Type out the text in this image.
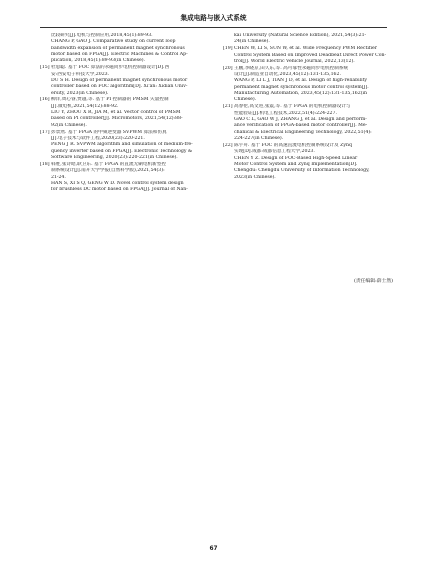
集成电路与嵌入式系统
比较研究[J].电机与控制应用,2018,45(1):89-93.
CHANG P, GAO J. Comparative study on current loop
bandwidth expansion of permanent magnet synchronous
motor based on FPGA[J]. Electric Machines & Control Ap-
plication, 2018,45(1):89-93(in Chinese).
[15]杜思聪. 基于 FOC 算法的永磁同步电机控制器设计[D].西
安:西安电子科技大学,2023.
DU S H. Design of permanent magnet synchronous motor
controller based on FOC algorithm[D]. Xi'an: Xidian Univ-
ersity, 2023(in Chinese).
[16]柳洋,周心睿,贾越,等. 基于 PI 控制器的 PMSM 矢量控制
[J].微电机,2021,54(12):88-92.
LIU Y, ZHOU X R, JIA M, et al. Vector control of PMSM
based on PI controller[J]. Micromotors, 2021,54(12):88-
92(in Chinese).
[17]彭景然. 基于 FPGA 的中频逆变器 SVPWM 算法和仿真
[J].电子技术与软件工程,2020(23):220-221.
PENG J R. SVPWM algorithm and simulation of medium-fre-
quency inverter based on FPGA[J]. Electronic Technology &
Software Engineering, 2020(23):220-221(in Chinese).
[18]韩胜,张诗昭,耿卫东. 基于 FPGA 的直流无刷电机新型控
制系统设计[J].南开大学学报(自然科学版),2021,54(3):
21-24.
HAN S, XI S Q, GENG W D. Novel control system design
for brushless DC motor based on FPGA[J]. Journal of Nan-
kai University (Natural Science Edition), 2021,54(3):21-
24(in Chinese).
[19]CHEN W, LI S, SUN W, et al. Wide Frequency PWM Rectifier
Control System Based on Improved Deadbeat Direct Power Con-
trol[J]. World Electric Vehicle Journal, 2022,13(12).
[20]王鹏,李晓京,田久东,等. 高可靠性永磁同步电机控制系统
设计[J].制造业自动化,2023,45(12):131-135,162.
WANG P, LI L J, TIAN J D, et al. Design of high-reliability
permanent magnet synchronous motor control system[J].
Manufacturing Automation, 2023,45(12):131-135,162(in
Chinese).
[21]高春伦,高文进,张震,等. 基于 FPGA 的电机控制器设计与
性能验证[J].机电工程技术,2022,51(4):224-227.
GAO C L, GAO W J, ZHANG J, et al. Design and perform-
ance verification of FPGA-based motor controller[J]. Me-
chanical & Electrical Engineering Technology, 2022,51(4):
224-227(in Chinese).
[22]陈宇舟. 基于 FOC 的高速直流电机控制系统设计及 Zynq
实现[D].成都:成都信息工程大学,2023.
CHEN Y Z. Design of FOC-Based High-Speed Linear
Motor Control System and Zynq Implementation[D].
Chengdu: Chengdu University of Information Technology,
2023(in Chinese).
(责任编辑:薛士然)
67
